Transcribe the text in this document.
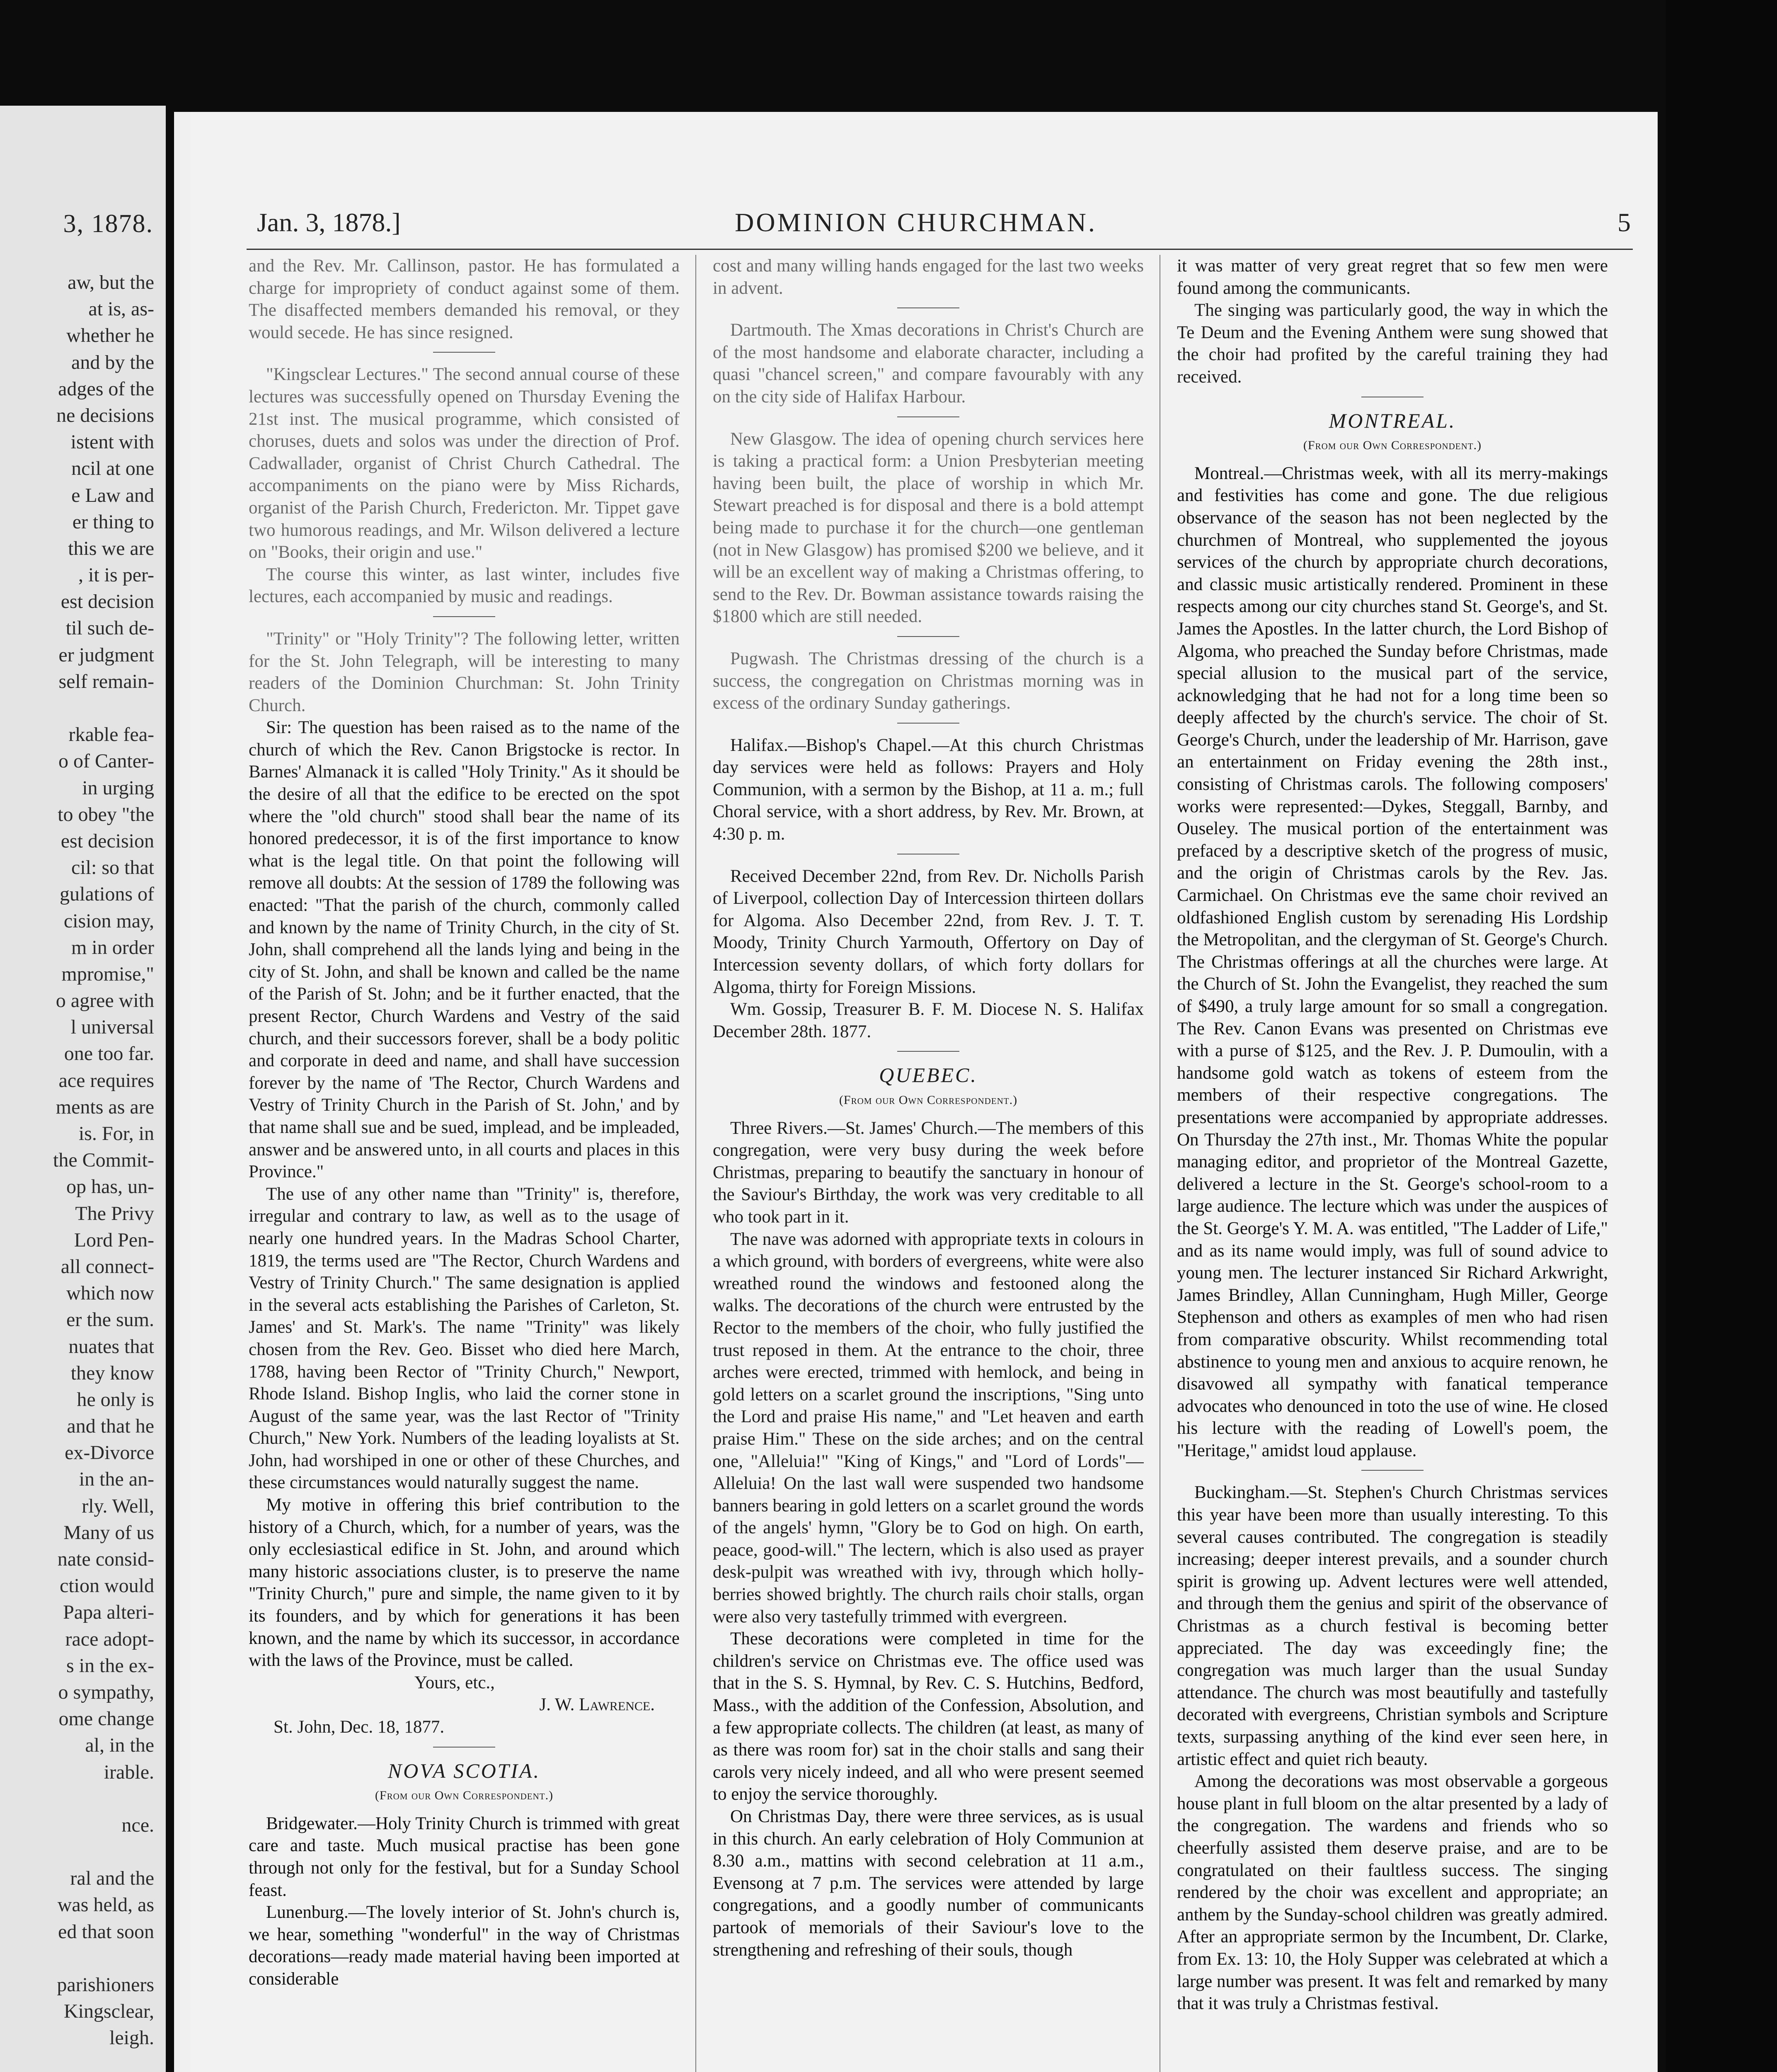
3, 1878.
aw, but the
at is, as-
whether he
and by the
adges of the
ne decisions
istent with
ncil at one
e Law and
er thing to
this we are
, it is per-
est decision
til such de-
er judgment
self remain-
rkable fea-
o of Canter-
in urging
to obey "the
est decision
cil: so that
gulations of
cision may,
m in order
mpromise,"
o agree with
l universal
one too far.
ace requires
ments as are
is. For, in
the Commit-
op has, un-
The Privy
Lord Pen-
all connect-
which now
er the sum.
nuates that
they know
he only is
and that he
ex-Divorce
in the an-
rly. Well,
Many of us
nate consid-
ction would
Papa alteri-
race adopt-
s in the ex-
o sympathy,
ome change
al, in the
irable.
nce.
ral and the
was held, as
ed that soon
parishioners
Kingsclear,
leigh.
Jan. 3, 1878.]	DOMINION CHURCHMAN.	5

and the Rev. Mr. Callinson, pastor. He has formulated a charge for impropriety of conduct against some of them. The disaffected members demanded his removal, or they would secede. He has since resigned.

"Kingsclear Lectures." The second annual course of these lectures was successfully opened on Thursday Evening the 21st inst. The musical programme, which consisted of choruses, duets and solos was under the direction of Prof. Cadwallader, organist of Christ Church Cathedral. The accompaniments on the piano were by Miss Richards, organist of the Parish Church, Fredericton. Mr. Tippet gave two humorous readings, and Mr. Wilson delivered a lecture on "Books, their origin and use."

The course this winter, as last winter, includes five lectures, each accompanied by music and readings.

"Trinity" or "Holy Trinity"? The following letter, written for the St. John Telegraph, will be interesting to many readers of the Dominion Churchman: St. John Trinity Church.

Sir: The question has been raised as to the name of the church of which the Rev. Canon Brigstocke is rector. In Barnes' Almanack it is called "Holy Trinity." As it should be the desire of all that the edifice to be erected on the spot where the "old church" stood shall bear the name of its honored predecessor, it is of the first importance to know what is the legal title. On that point the following will remove all doubts: At the session of 1789 the following was enacted: "That the parish of the church, commonly called and known by the name of Trinity Church, in the city of St. John, shall comprehend all the lands lying and being in the city of St. John, and shall be known and called be the name of the Parish of St. John; and be it further enacted, that the present Rector, Church Wardens and Vestry of the said church, and their successors forever, shall be a body politic and corporate in deed and name, and shall have succession forever by the name of 'The Rector, Church Wardens and Vestry of Trinity Church in the Parish of St. John,' and by that name shall sue and be sued, implead, and be impleaded, answer and be answered unto, in all courts and places in this Province."

The use of any other name than "Trinity" is, therefore, irregular and contrary to law, as well as to the usage of nearly one hundred years. In the Madras School Charter, 1819, the terms used are "The Rector, Church Wardens and Vestry of Trinity Church." The same designation is applied in the several acts establishing the Parishes of Carleton, St. James' and St. Mark's. The name "Trinity" was likely chosen from the Rev. Geo. Bisset who died here March, 1788, having been Rector of "Trinity Church," Newport, Rhode Island. Bishop Inglis, who laid the corner stone in August of the same year, was the last Rector of "Trinity Church," New York. Numbers of the leading loyalists at St. John, had worshiped in one or other of these Churches, and these circumstances would naturally suggest the name.

My motive in offering this brief contribution to the history of a Church, which, for a number of years, was the only ecclesiastical edifice in St. John, and around which many historic associations cluster, is to preserve the name "Trinity Church," pure and simple, the name given to it by its founders, and by which for generations it has been known, and the name by which its successor, in accordance with the laws of the Province, must be called.

Yours, etc.,

J. W. Lawrence.

St. John, Dec. 18, 1877.

NOVA SCOTIA.
(From our Own Correspondent.)

Bridgewater.—Holy Trinity Church is trimmed with great care and taste. Much musical practise has been gone through not only for the festival, but for a Sunday School feast.

Lunenburg.—The lovely interior of St. John's church is, we hear, something "wonderful" in the way of Christmas decorations—ready made material having been imported at considerable

cost and many willing hands engaged for the last two weeks in advent.

Dartmouth. The Xmas decorations in Christ's Church are of the most handsome and elaborate character, including a quasi "chancel screen," and compare favourably with any on the city side of Halifax Harbour.

New Glasgow. The idea of opening church services here is taking a practical form: a Union Presbyterian meeting having been built, the place of worship in which Mr. Stewart preached is for disposal and there is a bold attempt being made to purchase it for the church—one gentleman (not in New Glasgow) has promised $200 we believe, and it will be an excellent way of making a Christmas offering, to send to the Rev. Dr. Bowman assistance towards raising the $1800 which are still needed.

Pugwash. The Christmas dressing of the church is a success, the congregation on Christmas morning was in excess of the ordinary Sunday gatherings.

Halifax.—Bishop's Chapel.—At this church Christmas day services were held as follows: Prayers and Holy Communion, with a sermon by the Bishop, at 11 a. m.; full Choral service, with a short address, by Rev. Mr. Brown, at 4:30 p. m.

Received December 22nd, from Rev. Dr. Nicholls Parish of Liverpool, collection Day of Intercession thirteen dollars for Algoma. Also December 22nd, from Rev. J. T. T. Moody, Trinity Church Yarmouth, Offertory on Day of Intercession seventy dollars, of which forty dollars for Algoma, thirty for Foreign Missions.

Wm. Gossip, Treasurer B. F. M. Diocese N. S. Halifax December 28th. 1877.

QUEBEC.
(From our Own Correspondent.)

Three Rivers.—St. James' Church.—The members of this congregation, were very busy during the week before Christmas, preparing to beautify the sanctuary in honour of the Saviour's Birthday, the work was very creditable to all who took part in it.

The nave was adorned with appropriate texts in colours in a which ground, with borders of evergreens, white were also wreathed round the windows and festooned along the walks. The decorations of the church were entrusted by the Rector to the members of the choir, who fully justified the trust reposed in them. At the entrance to the choir, three arches were erected, trimmed with hemlock, and being in gold letters on a scarlet ground the inscriptions, "Sing unto the Lord and praise His name," and "Let heaven and earth praise Him." These on the side arches; and on the central one, "Alleluia!" "King of Kings," and "Lord of Lords"—Alleluia! On the last wall were suspended two handsome banners bearing in gold letters on a scarlet ground the words of the angels' hymn, "Glory be to God on high. On earth, peace, good-will." The lectern, which is also used as prayer desk-pulpit was wreathed with ivy, through which holly-berries showed brightly. The church rails choir stalls, organ were also very tastefully trimmed with evergreen.

These decorations were completed in time for the children's service on Christmas eve. The office used was that in the S. S. Hymnal, by Rev. C. S. Hutchins, Bedford, Mass., with the addition of the Confession, Absolution, and a few appropriate collects. The children (at least, as many of as there was room for) sat in the choir stalls and sang their carols very nicely indeed, and all who were present seemed to enjoy the service thoroughly.

On Christmas Day, there were three services, as is usual in this church. An early celebration of Holy Communion at 8.30 a.m., mattins with second celebration at 11 a.m., Evensong at 7 p.m. The services were attended by large congregations, and a goodly number of communicants partook of memorials of their Saviour's love to the strengthening and refreshing of their souls, though

it was matter of very great regret that so few men were found among the communicants.

The singing was particularly good, the way in which the Te Deum and the Evening Anthem were sung showed that the choir had profited by the careful training they had received.

MONTREAL.
(From our Own Correspondent.)

Montreal.—Christmas week, with all its merry-makings and festivities has come and gone. The due religious observance of the season has not been neglected by the churchmen of Montreal, who supplemented the joyous services of the church by appropriate church decorations, and classic music artistically rendered. Prominent in these respects among our city churches stand St. George's, and St. James the Apostles. In the latter church, the Lord Bishop of Algoma, who preached the Sunday before Christmas, made special allusion to the musical part of the service, acknowledging that he had not for a long time been so deeply affected by the church's service. The choir of St. George's Church, under the leadership of Mr. Harrison, gave an entertainment on Friday evening the 28th inst., consisting of Christmas carols. The following composers' works were represented:—Dykes, Steggall, Barnby, and Ouseley. The musical portion of the entertainment was prefaced by a descriptive sketch of the progress of music, and the origin of Christmas carols by the Rev. Jas. Carmichael. On Christmas eve the same choir revived an oldfashioned English custom by serenading His Lordship the Metropolitan, and the clergyman of St. George's Church. The Christmas offerings at all the churches were large. At the Church of St. John the Evangelist, they reached the sum of $490, a truly large amount for so small a congregation. The Rev. Canon Evans was presented on Christmas eve with a purse of $125, and the Rev. J. P. Dumoulin, with a handsome gold watch as tokens of esteem from the members of their respective congregations. The presentations were accompanied by appropriate addresses. On Thursday the 27th inst., Mr. Thomas White the popular managing editor, and proprietor of the Montreal Gazette, delivered a lecture in the St. George's school-room to a large audience. The lecture which was under the auspices of the St. George's Y. M. A. was entitled, "The Ladder of Life," and as its name would imply, was full of sound advice to young men. The lecturer instanced Sir Richard Arkwright, James Brindley, Allan Cunningham, Hugh Miller, George Stephenson and others as examples of men who had risen from comparative obscurity. Whilst recommending total abstinence to young men and anxious to acquire renown, he disavowed all sympathy with fanatical temperance advocates who denounced in toto the use of wine. He closed his lecture with the reading of Lowell's poem, the "Heritage," amidst loud applause.

Buckingham.—St. Stephen's Church Christmas services this year have been more than usually interesting. To this several causes contributed. The congregation is steadily increasing; deeper interest prevails, and a sounder church spirit is growing up. Advent lectures were well attended, and through them the genius and spirit of the observance of Christmas as a church festival is becoming better appreciated. The day was exceedingly fine; the congregation was much larger than the usual Sunday attendance. The church was most beautifully and tastefully decorated with evergreens, Christian symbols and Scripture texts, surpassing anything of the kind ever seen here, in artistic effect and quiet rich beauty.

Among the decorations was most observable a gorgeous house plant in full bloom on the altar presented by a lady of the congregation. The wardens and friends who so cheerfully assisted them deserve praise, and are to be congratulated on their faultless success. The singing rendered by the choir was excellent and appropriate; an anthem by the Sunday-school children was greatly admired. After an appropriate sermon by the Incumbent, Dr. Clarke, from Ex. 13: 10, the Holy Supper was celebrated at which a large number was present. It was felt and remarked by many that it was truly a Christmas festival.
